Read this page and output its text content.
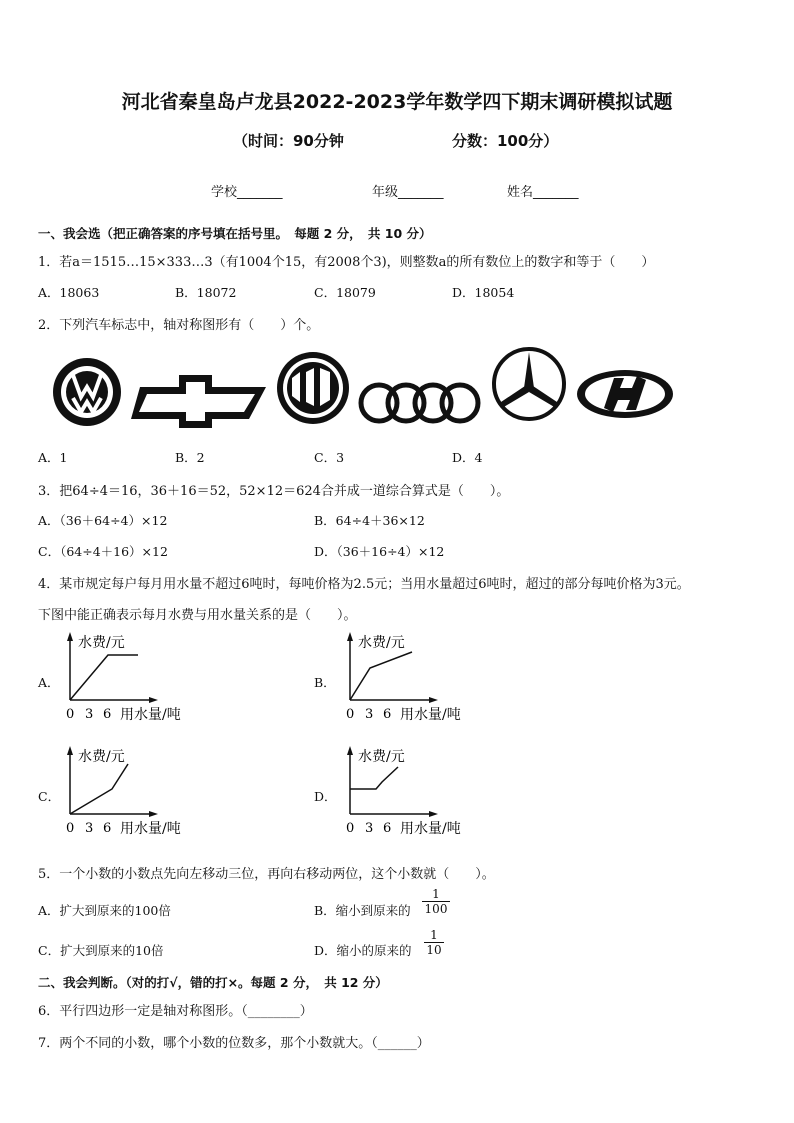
河北省秦皇岛卢龙县2022-2023学年数学四下期末调研模拟试题
（时间：90分钟	分数：100分）
学校_______	年级_______	姓名_______
一、我会选（把正确答案的序号填在括号里。　每题 2 分，　共 10 分）
1．若a＝1515…15×333…3（有1004个15，有2008个3)，则整数a的所有数位上的数字和等于（　　）
A．18063	B．18072	C．18079	D．18054
2．下列汽车标志中，轴对称图形有（　　）个。
A．1	B．2	C．3	D．4
3．把64÷4＝16，36＋16＝52，52×12＝624合并成一道综合算式是（　　）。
A．（36＋64÷4）×12	B．64÷4＋36×12
C．（64÷4＋16）×12	D．（36＋16÷4）×12
4．某市规定每户每月用水量不超过6吨时，每吨价格为2.5元；当用水量超过6吨时，超过的部分每吨价格为3元。
下图中能正确表示每月水费与用水量关系的是（　　）。
A．	B．
C．	D．
水费/元
0 3 6 用水量/吨
水费/元
0 3 6 用水量/吨
水费/元
0 3 6 用水量/吨
水费/元
0 3 6 用水量/吨
5．一个小数的小数点先向左移动三位，再向右移动两位，这个小数就（　　）。
A．扩大到原来的100倍	B．缩小到原来的 $\frac{1}{100}$
C．扩大到原来的10倍	D．缩小的原来的 $\frac{1}{10}$
二、我会判断。（对的打√，错的打×。每题 2 分，　共 12 分）
6．平行四边形一定是轴对称图形。（________）
7．两个不同的小数，哪个小数的位数多，那个小数就大。（______）
